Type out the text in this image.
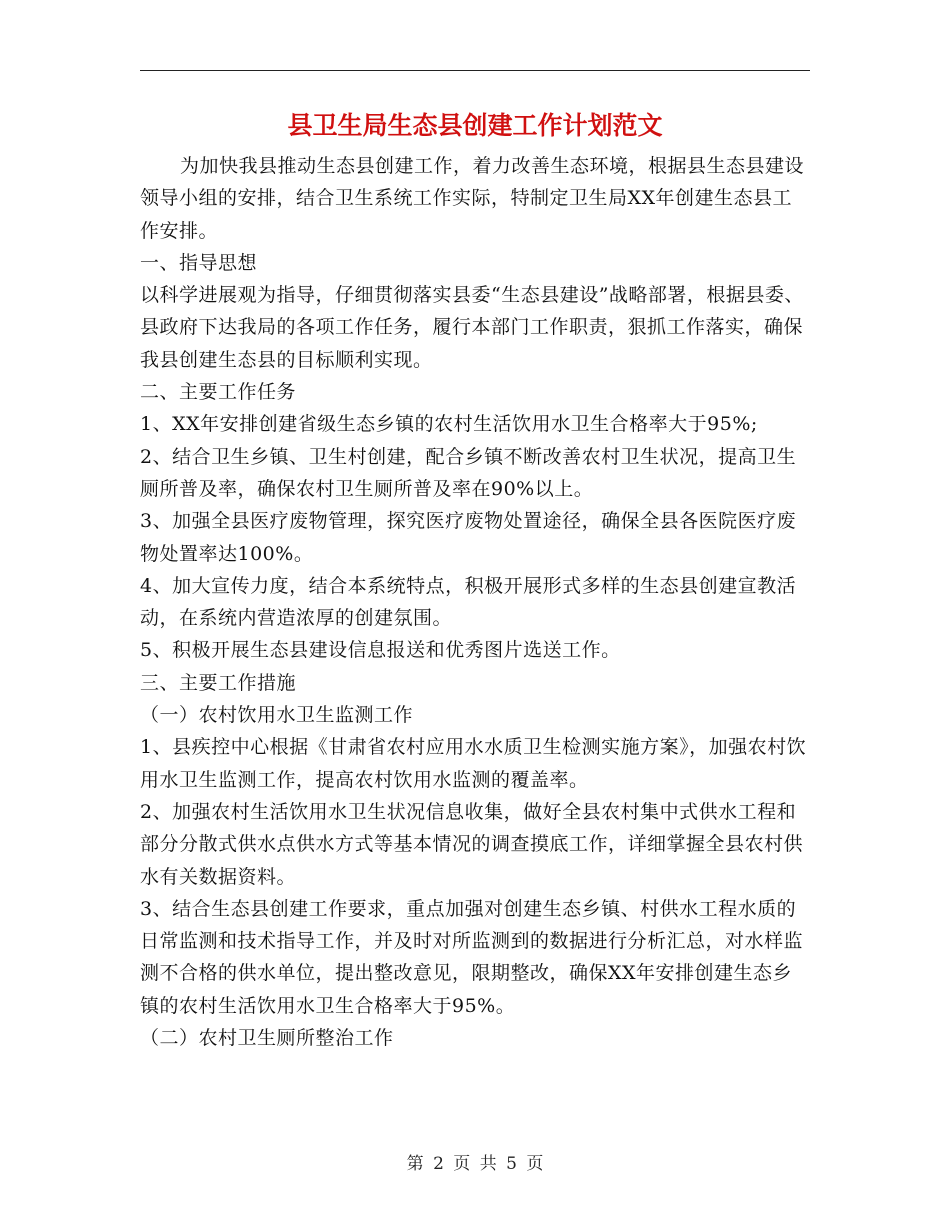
县卫生局生态县创建工作计划范文

为加快我县推动生态县创建工作，着力改善生态环境，根据县生态县建设领导小组的安排，结合卫生系统工作实际，特制定卫生局XX年创建生态县工作安排。

一、指导思想

以科学进展观为指导，仔细贯彻落实县委“生态县建设”战略部署，根据县委、县政府下达我局的各项工作任务，履行本部门工作职责，狠抓工作落实，确保我县创建生态县的目标顺利实现。

二、主要工作任务

1、XX年安排创建省级生态乡镇的农村生活饮用水卫生合格率大于95%;

2、结合卫生乡镇、卫生村创建，配合乡镇不断改善农村卫生状况，提高卫生厕所普及率，确保农村卫生厕所普及率在90%以上。

3、加强全县医疗废物管理，探究医疗废物处置途径，确保全县各医院医疗废物处置率达100%。

4、加大宣传力度，结合本系统特点，积极开展形式多样的生态县创建宣教活动，在系统内营造浓厚的创建氛围。

5、积极开展生态县建设信息报送和优秀图片选送工作。

三、主要工作措施

（一）农村饮用水卫生监测工作

1、县疾控中心根据《甘肃省农村应用水水质卫生检测实施方案》，加强农村饮用水卫生监测工作，提高农村饮用水监测的覆盖率。

2、加强农村生活饮用水卫生状况信息收集，做好全县农村集中式供水工程和部分分散式供水点供水方式等基本情况的调查摸底工作，详细掌握全县农村供水有关数据资料。

3、结合生态县创建工作要求，重点加强对创建生态乡镇、村供水工程水质的日常监测和技术指导工作，并及时对所监测到的数据进行分析汇总，对水样监测不合格的供水单位，提出整改意见，限期整改，确保XX年安排创建生态乡镇的农村生活饮用水卫生合格率大于95%。

（二）农村卫生厕所整治工作

第 2 页 共 5 页
